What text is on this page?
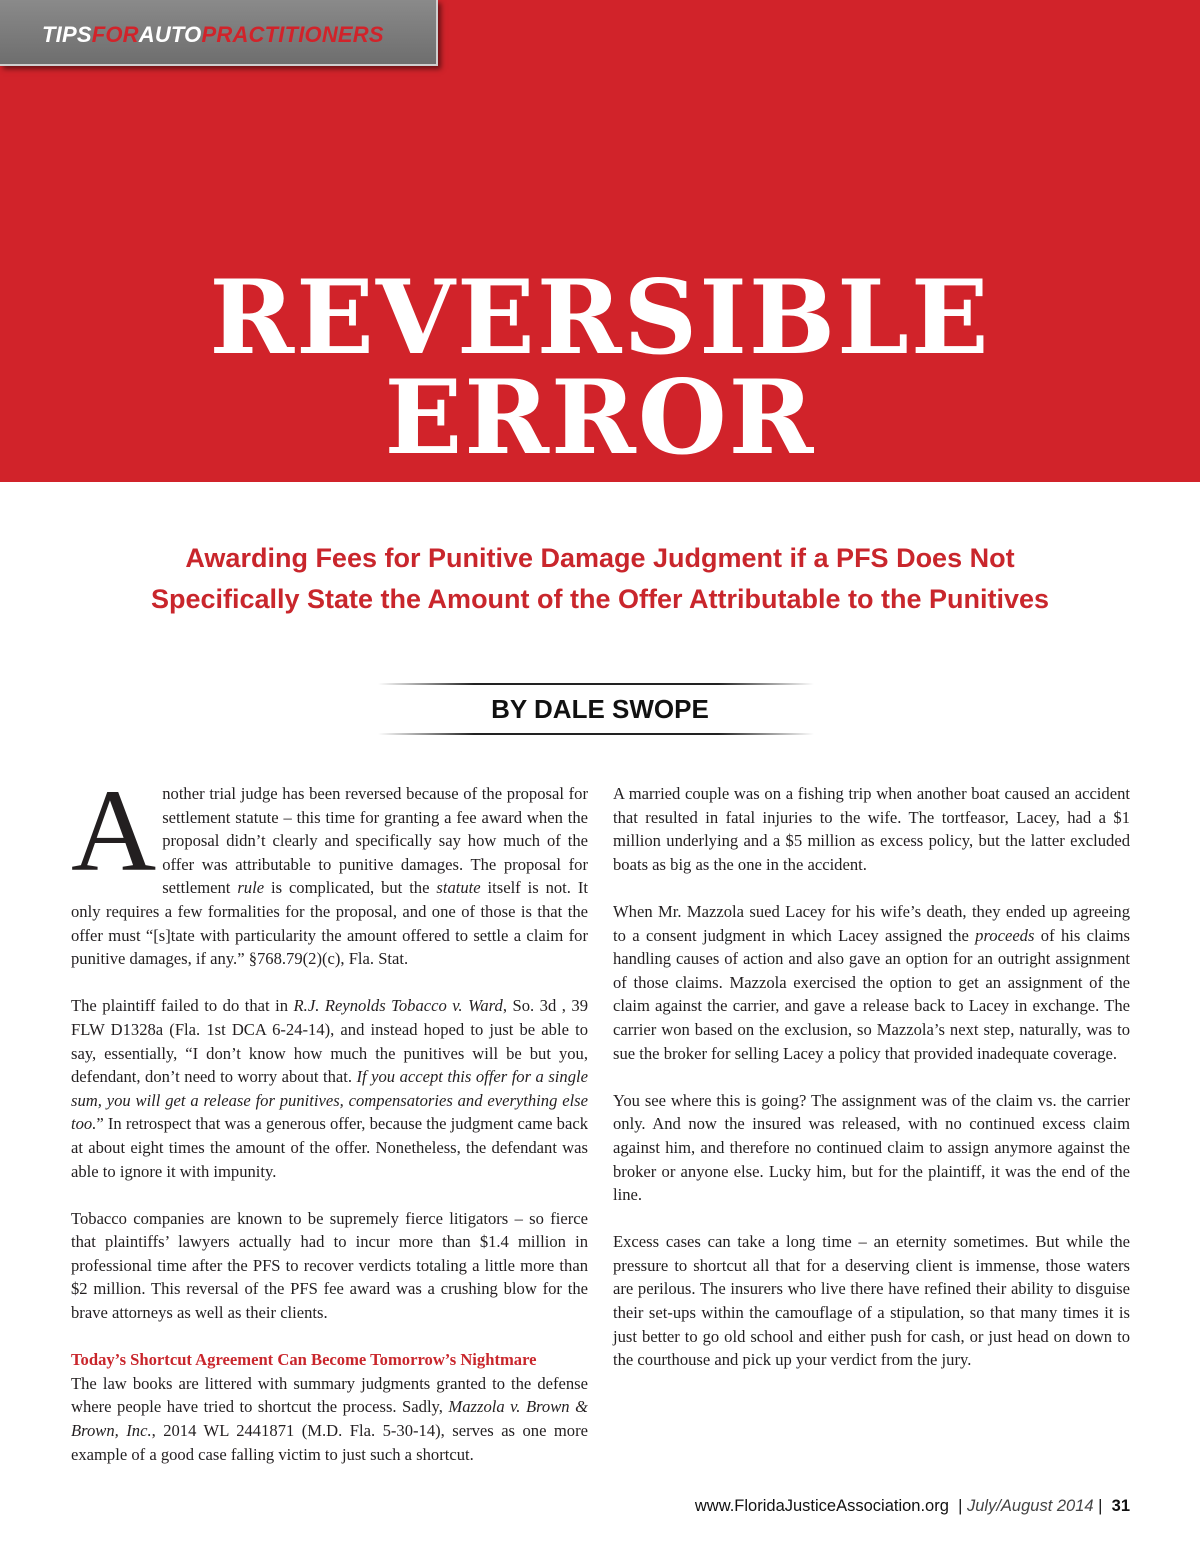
TIPSFORAUTOPRACTITIONERS
REVERSIBLE
ERROR
Awarding Fees for Punitive Damage Judgment if a PFS Does Not
Specifically State the Amount of the Offer Attributable to the Punitives
BY DALE SWOPE

Another trial judge has been reversed because of the proposal for settlement statute – this time for granting a fee award when the proposal didn’t clearly and specifically say how much of the offer was attributable to punitive damages. The proposal for settlement rule is complicated, but the statute itself is not. It only requires a few formalities for the proposal, and one of those is that the offer must “[s]tate with particularity the amount offered to settle a claim for punitive damages, if any.” §768.79(2)(c), Fla. Stat.

The plaintiff failed to do that in R.J. Reynolds Tobacco v. Ward, So. 3d , 39 FLW D1328a (Fla. 1st DCA 6-24-14), and instead hoped to just be able to say, essentially, “I don’t know how much the punitives will be but you, defendant, don’t need to worry about that. If you accept this offer for a single sum, you will get a release for punitives, compensatories and everything else too.” In retrospect that was a generous offer, because the judgment came back at about eight times the amount of the offer. Nonetheless, the defendant was able to ignore it with impunity.

Tobacco companies are known to be supremely fierce litigators – so fierce that plaintiffs’ lawyers actually had to incur more than $1.4 million in professional time after the PFS to recover verdicts totaling a little more than $2 million. This reversal of the PFS fee award was a crushing blow for the brave attorneys as well as their clients.

Today’s Shortcut Agreement Can Become Tomorrow’s Nightmare
The law books are littered with summary judgments granted to the defense where people have tried to shortcut the process. Sadly, Mazzola v. Brown & Brown, Inc., 2014 WL 2441871 (M.D. Fla. 5-30-14), serves as one more example of a good case falling victim to just such a shortcut.

A married couple was on a fishing trip when another boat caused an accident that resulted in fatal injuries to the wife. The tortfeasor, Lacey, had a $1 million underlying and a $5 million as excess policy, but the latter excluded boats as big as the one in the accident.

When Mr. Mazzola sued Lacey for his wife’s death, they ended up agreeing to a consent judgment in which Lacey assigned the proceeds of his claims handling causes of action and also gave an option for an outright assignment of those claims. Mazzola exercised the option to get an assignment of the claim against the carrier, and gave a release back to Lacey in exchange. The carrier won based on the exclusion, so Mazzola’s next step, naturally, was to sue the broker for selling Lacey a policy that provided inadequate coverage.

You see where this is going? The assignment was of the claim vs. the carrier only. And now the insured was released, with no continued excess claim against him, and therefore no continued claim to assign anymore against the broker or anyone else. Lucky him, but for the plaintiff, it was the end of the line.

Excess cases can take a long time – an eternity sometimes. But while the pressure to shortcut all that for a deserving client is immense, those waters are perilous. The insurers who live there have refined their ability to disguise their set-ups within the camouflage of a stipulation, so that many times it is just better to go old school and either push for cash, or just head on down to the courthouse and pick up your verdict from the jury.

www.FloridaJusticeAssociation.org | July/August 2014 | 31
